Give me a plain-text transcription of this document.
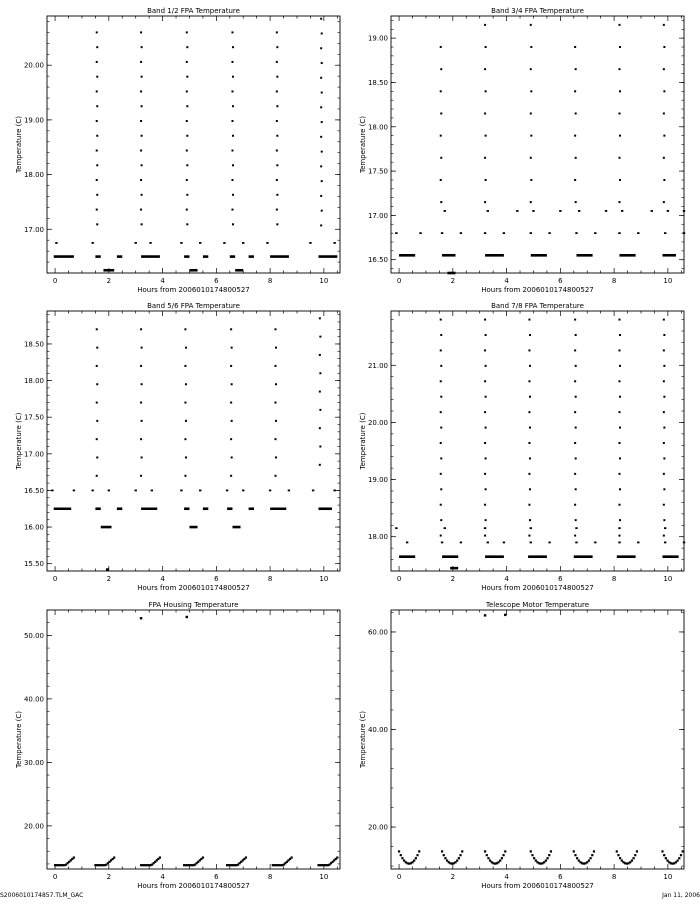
Band 1/2 FPA Temperature
Hours from 2006010174800527
Temperature (C)
0	2	4	6	8	10
17.00
18.00
19.00
20.00
Band 3/4 FPA Temperature
Hours from 2006010174800527
Temperature (C)
0	2	4	6	8	10
16.50
17.00
17.50
18.00
18.50
19.00
Band 5/6 FPA Temperature
Hours from 2006010174800527
Temperature (C)
0	2	4	6	8	10
15.50
16.00
16.50
17.00
17.50
18.00
18.50
Band 7/8 FPA Temperature
Hours from 2006010174800527
Temperature (C)
0	2	4	6	8	10
18.00
19.00
20.00
21.00
FPA Housing Temperature
Hours from 2006010174800527
Temperature (C)
0	2	4	6	8	10
20.00
30.00
40.00
50.00
Telescope Motor Temperature
Hours from 2006010174800527
Temperature (C)
0	2	4	6	8	10
20.00
40.00
60.00
S2006010174857.TLM_GAC	Jan 11, 2006
